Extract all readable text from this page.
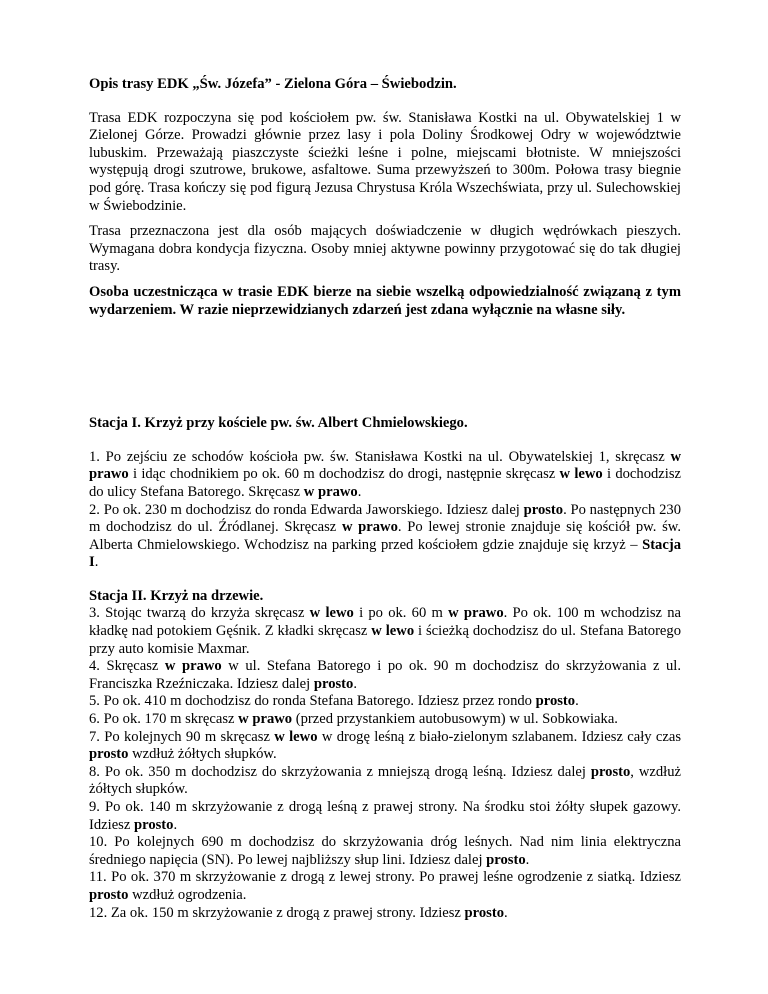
Opis trasy EDK „Św. Józefa” - Zielona Góra – Świebodzin.

Trasa EDK rozpoczyna się pod kościołem pw. św. Stanisława Kostki na ul. Obywatelskiej 1 w Zielonej Górze. Prowadzi głównie przez lasy i pola Doliny Środkowej Odry w województwie lubuskim. Przeważają piaszczyste ścieżki leśne i polne, miejscami błotniste. W mniejszości występują drogi szutrowe, brukowe, asfaltowe. Suma przewyższeń to 300m. Połowa trasy biegnie pod górę. Trasa kończy się pod figurą Jezusa Chrystusa Króla Wszechświata, przy ul. Sulechowskiej w Świebodzinie.

Trasa przeznaczona jest dla osób mających doświadczenie w długich wędrówkach pieszych. Wymagana dobra kondycja fizyczna. Osoby mniej aktywne powinny przygotować się do tak długiej trasy.

Osoba uczestnicząca w trasie EDK bierze na siebie wszelką odpowiedzialność związaną z tym wydarzeniem. W razie nieprzewidzianych zdarzeń jest zdana wyłącznie na własne siły.

Stacja I. Krzyż przy kościele pw. św. Albert Chmielowskiego.

1. Po zejściu ze schodów kościoła pw. św. Stanisława Kostki na ul. Obywatelskiej 1, skręcasz w prawo i idąc chodnikiem po ok. 60 m dochodzisz do drogi, następnie skręcasz w lewo i dochodzisz do ulicy Stefana Batorego. Skręcasz w prawo.

2. Po ok. 230 m dochodzisz do ronda Edwarda Jaworskiego. Idziesz dalej prosto. Po następnych 230 m dochodzisz do ul. Źródlanej. Skręcasz w prawo. Po lewej stronie znajduje się kościół pw. św. Alberta Chmielowskiego. Wchodzisz na parking przed kościołem gdzie znajduje się krzyż – Stacja I.

Stacja II. Krzyż na drzewie.

3. Stojąc twarzą do krzyża skręcasz w lewo i po ok. 60 m w prawo. Po ok. 100 m wchodzisz na kładkę nad potokiem Gęśnik. Z kładki skręcasz w lewo i ścieżką dochodzisz do ul. Stefana Batorego przy auto komisie Maxmar.

4. Skręcasz w prawo w ul. Stefana Batorego i po ok. 90 m dochodzisz do skrzyżowania z ul. Franciszka Rzeźniczaka. Idziesz dalej prosto.

5. Po ok. 410 m dochodzisz do ronda Stefana Batorego. Idziesz przez rondo prosto.

6. Po ok. 170 m skręcasz w prawo (przed przystankiem autobusowym) w ul. Sobkowiaka.

7. Po kolejnych 90 m skręcasz w lewo w drogę leśną z biało-zielonym szlabanem. Idziesz cały czas prosto wzdłuż żółtych słupków.

8. Po ok. 350 m dochodzisz do skrzyżowania z mniejszą drogą leśną. Idziesz dalej prosto, wzdłuż żółtych słupków.

9. Po ok. 140 m skrzyżowanie z drogą leśną z prawej strony. Na środku stoi żółty słupek gazowy. Idziesz prosto.

10. Po kolejnych 690 m dochodzisz do skrzyżowania dróg leśnych. Nad nim linia elektryczna średniego napięcia (SN). Po lewej najbliższy słup lini. Idziesz dalej prosto.

11. Po ok. 370 m skrzyżowanie z drogą z lewej strony. Po prawej leśne ogrodzenie z siatką. Idziesz prosto wzdłuż ogrodzenia.

12. Za ok. 150 m skrzyżowanie z drogą z prawej strony. Idziesz prosto.
